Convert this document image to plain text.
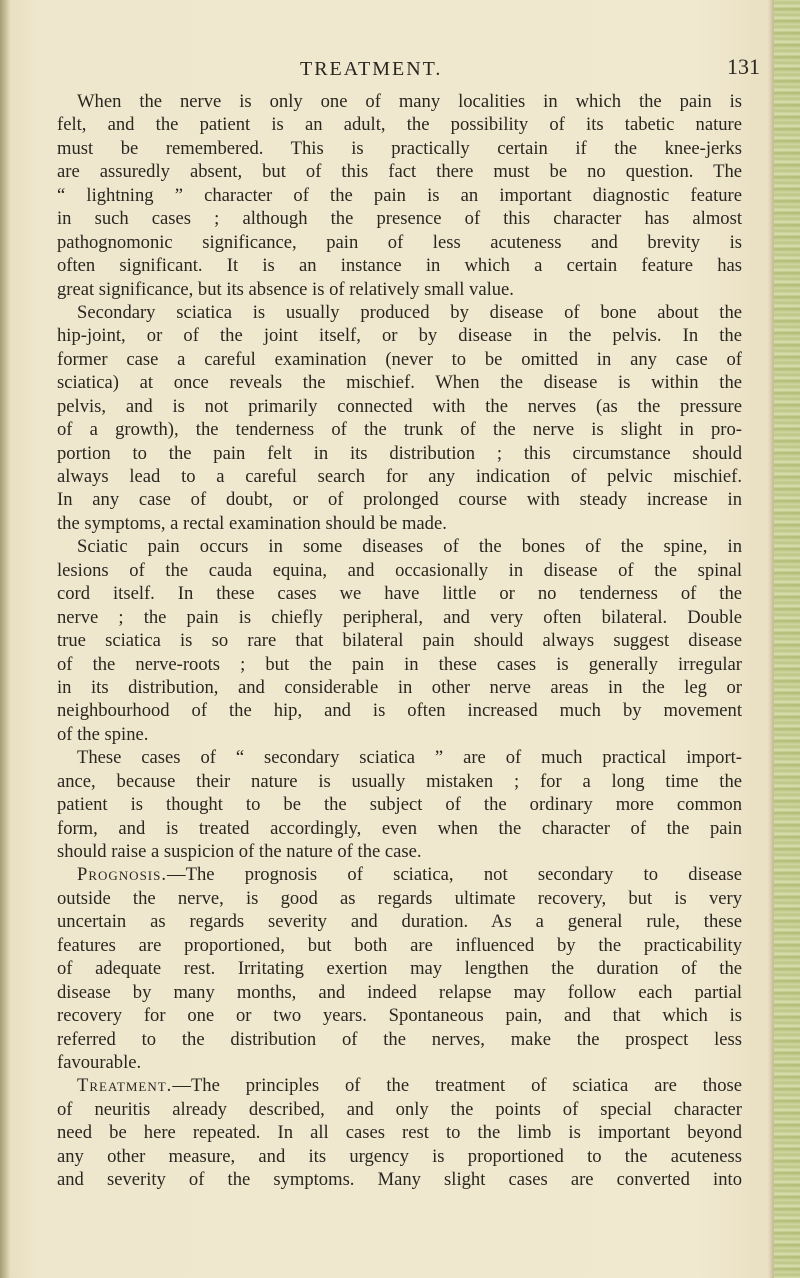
TREATMENT.	131
When the nerve is only one of many localities in which the pain is
felt, and the patient is an adult, the possibility of its tabetic nature
must be remembered. This is practically certain if the knee-jerks
are assuredly absent, but of this fact there must be no question. The
“ lightning ” character of the pain is an important diagnostic feature
in such cases ; although the presence of this character has almost
pathognomonic significance, pain of less acuteness and brevity is
often significant. It is an instance in which a certain feature has
great significance, but its absence is of relatively small value.
Secondary sciatica is usually produced by disease of bone about the
hip-joint, or of the joint itself, or by disease in the pelvis. In the
former case a careful examination (never to be omitted in any case of
sciatica) at once reveals the mischief. When the disease is within the
pelvis, and is not primarily connected with the nerves (as the pressure
of a growth), the tenderness of the trunk of the nerve is slight in pro-
portion to the pain felt in its distribution ; this circumstance should
always lead to a careful search for any indication of pelvic mischief.
In any case of doubt, or of prolonged course with steady increase in
the symptoms, a rectal examination should be made.
Sciatic pain occurs in some diseases of the bones of the spine, in
lesions of the cauda equina, and occasionally in disease of the spinal
cord itself. In these cases we have little or no tenderness of the
nerve ; the pain is chiefly peripheral, and very often bilateral. Double
true sciatica is so rare that bilateral pain should always suggest disease
of the nerve-roots ; but the pain in these cases is generally irregular
in its distribution, and considerable in other nerve areas in the leg or
neighbourhood of the hip, and is often increased much by movement
of the spine.
These cases of “ secondary sciatica ” are of much practical import-
ance, because their nature is usually mistaken ; for a long time the
patient is thought to be the subject of the ordinary more common
form, and is treated accordingly, even when the character of the pain
should raise a suspicion of the nature of the case.
Prognosis.—The prognosis of sciatica, not secondary to disease
outside the nerve, is good as regards ultimate recovery, but is very
uncertain as regards severity and duration. As a general rule, these
features are proportioned, but both are influenced by the practicability
of adequate rest. Irritating exertion may lengthen the duration of the
disease by many months, and indeed relapse may follow each partial
recovery for one or two years. Spontaneous pain, and that which is
referred to the distribution of the nerves, make the prospect less
favourable.
Treatment.—The principles of the treatment of sciatica are those
of neuritis already described, and only the points of special character
need be here repeated. In all cases rest to the limb is important beyond
any other measure, and its urgency is proportioned to the acuteness
and severity of the symptoms. Many slight cases are converted into
